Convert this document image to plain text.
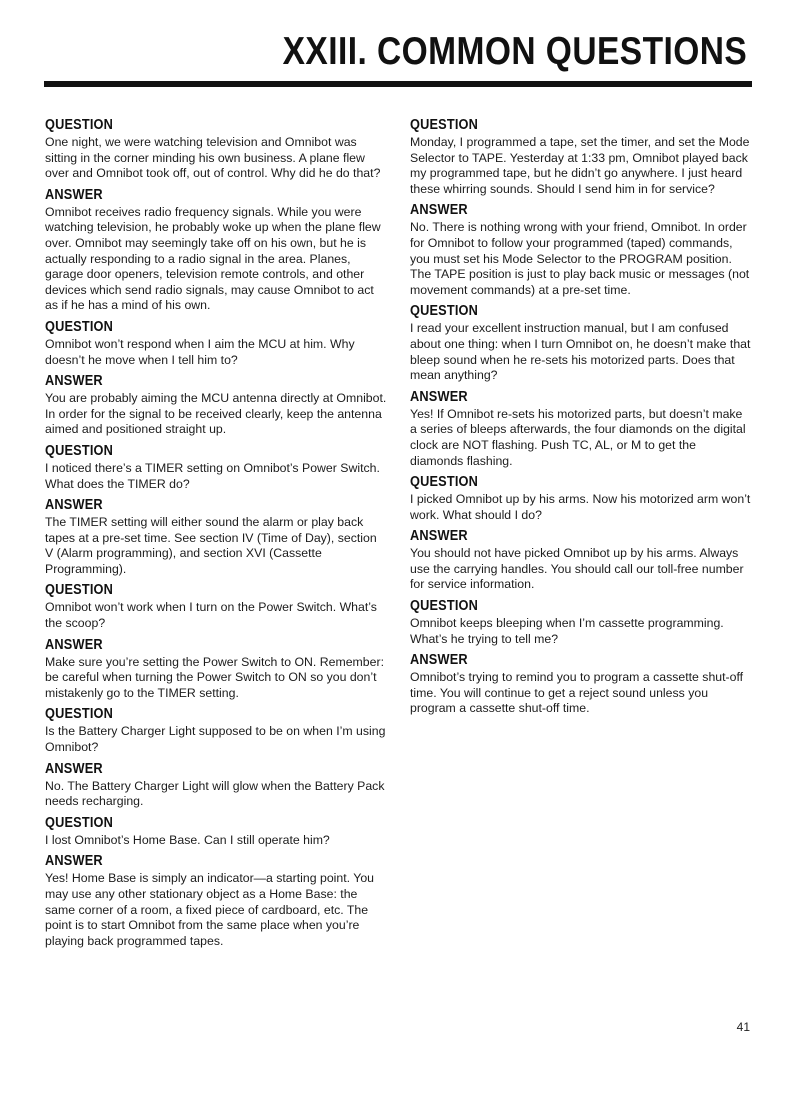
XXIII. COMMON QUESTIONS
QUESTION

One night, we were watching television and Omnibot was sitting in the corner minding his own business. A plane flew over and Omnibot took off, out of control. Why did he do that?

ANSWER

Omnibot receives radio frequency signals. While you were watching television, he probably woke up when the plane flew over. Omnibot may seemingly take off on his own, but he is actually responding to a radio signal in the area. Planes, garage door openers, television remote controls, and other devices which send radio signals, may cause Omnibot to act as if he has a mind of his own.

QUESTION

Omnibot won’t respond when I aim the MCU at him. Why doesn’t he move when I tell him to?

ANSWER

You are probably aiming the MCU antenna directly at Omnibot. In order for the signal to be received clearly, keep the antenna aimed and positioned straight up.

QUESTION

I noticed there’s a TIMER setting on Omnibot’s Power Switch. What does the TIMER do?

ANSWER

The TIMER setting will either sound the alarm or play back tapes at a pre-set time. See section IV (Time of Day), section V (Alarm programming), and section XVI (Cassette Programming).

QUESTION

Omnibot won’t work when I turn on the Power Switch. What’s the scoop?

ANSWER

Make sure you’re setting the Power Switch to ON. Remember: be careful when turning the Power Switch to ON so you don’t mistakenly go to the TIMER setting.

QUESTION

Is the Battery Charger Light supposed to be on when I’m using Omnibot?

ANSWER

No. The Battery Charger Light will glow when the Battery Pack needs recharging.

QUESTION

I lost Omnibot’s Home Base. Can I still operate him?

ANSWER

Yes! Home Base is simply an indicator—a starting point. You may use any other stationary object as a Home Base: the same corner of a room, a fixed piece of cardboard, etc. The point is to start Omnibot from the same place when you’re playing back programmed tapes.

QUESTION

Monday, I programmed a tape, set the timer, and set the Mode Selector to TAPE. Yesterday at 1:33 pm, Omnibot played back my programmed tape, but he didn’t go anywhere. I just heard these whirring sounds. Should I send him in for service?

ANSWER

No. There is nothing wrong with your friend, Omnibot. In order for Omnibot to follow your programmed (taped) commands, you must set his Mode Selector to the PROGRAM position. The TAPE position is just to play back music or messages (not movement commands) at a pre-set time.

QUESTION

I read your excellent instruction manual, but I am confused about one thing: when I turn Omnibot on, he doesn’t make that bleep sound when he re-sets his motorized parts. Does that mean anything?

ANSWER

Yes! If Omnibot re-sets his motorized parts, but doesn’t make a series of bleeps afterwards, the four diamonds on the digital clock are NOT flashing. Push TC, AL, or M to get the diamonds flashing.

QUESTION

I picked Omnibot up by his arms. Now his motorized arm won’t work. What should I do?

ANSWER

You should not have picked Omnibot up by his arms. Always use the carrying handles. You should call our toll-free number for service information.

QUESTION

Omnibot keeps bleeping when I’m cassette programming. What’s he trying to tell me?

ANSWER

Omnibot’s trying to remind you to program a cassette shut-off time. You will continue to get a reject sound unless you program a cassette shut-off time.

41
